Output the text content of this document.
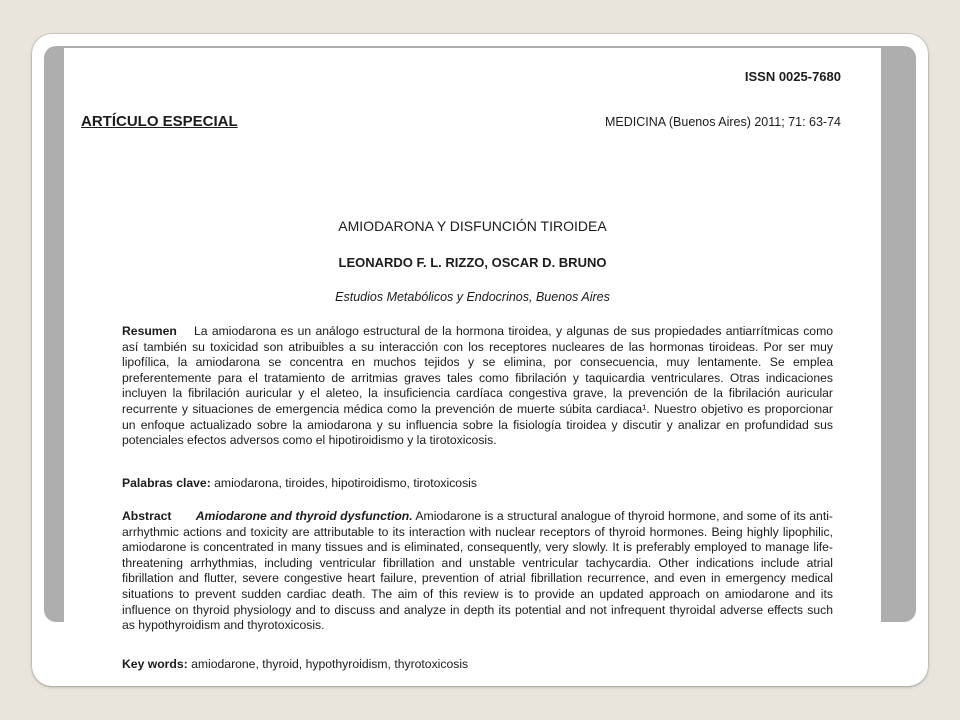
ISSN 0025-7680
ARTÍCULO ESPECIAL	MEDICINA (Buenos Aires) 2011; 71: 63-74
AMIODARONA Y DISFUNCIÓN TIROIDEA
LEONARDO F. L. RIZZO, OSCAR D. BRUNO
Estudios Metabólicos y Endocrinos, Buenos Aires

Resumen La amiodarona es un análogo estructural de la hormona tiroidea, y algunas de sus propiedades antiarrítmicas como así también su toxicidad son atribuibles a su interacción con los receptores nucleares de las hormonas tiroideas. Por ser muy lipofílica, la amiodarona se concentra en muchos tejidos y se elimina, por consecuencia, muy lentamente. Se emplea preferentemente para el tratamiento de arritmias graves tales como fibrilación y taquicardia ventriculares. Otras indicaciones incluyen la fibrilación auricular y el aleteo, la insuficiencia cardíaca congestiva grave, la prevención de la fibrilación auricular recurrente y situaciones de emergencia médica como la prevención de muerte súbita cardiaca¹. Nuestro objetivo es proporcionar un enfoque actualizado sobre la amiodarona y su influencia sobre la fisiología tiroidea y discutir y analizar en profundidad sus potenciales efectos adversos como el hipotiroidismo y la tirotoxicosis.

Palabras clave: amiodarona, tiroides, hipotiroidismo, tirotoxicosis

Abstract Amiodarone and thyroid dysfunction. Amiodarone is a structural analogue of thyroid hormone, and some of its anti-arrhythmic actions and toxicity are attributable to its interaction with nuclear receptors of thyroid hormones. Being highly lipophilic, amiodarone is concentrated in many tissues and is eliminated, consequently, very slowly. It is preferably employed to manage life-threatening arrhythmias, including ventricular fibrillation and unstable ventricular tachycardia. Other indications include atrial fibrillation and flutter, severe congestive heart failure, prevention of atrial fibrillation recurrence, and even in emergency medical situations to prevent sudden cardiac death. The aim of this review is to provide an updated approach on amiodarone and its influence on thyroid physiology and to discuss and analyze in depth its potential and not infrequent thyroidal adverse effects such as hypothyroidism and thyrotoxicosis.

Key words: amiodarone, thyroid, hypothyroidism, thyrotoxicosis
